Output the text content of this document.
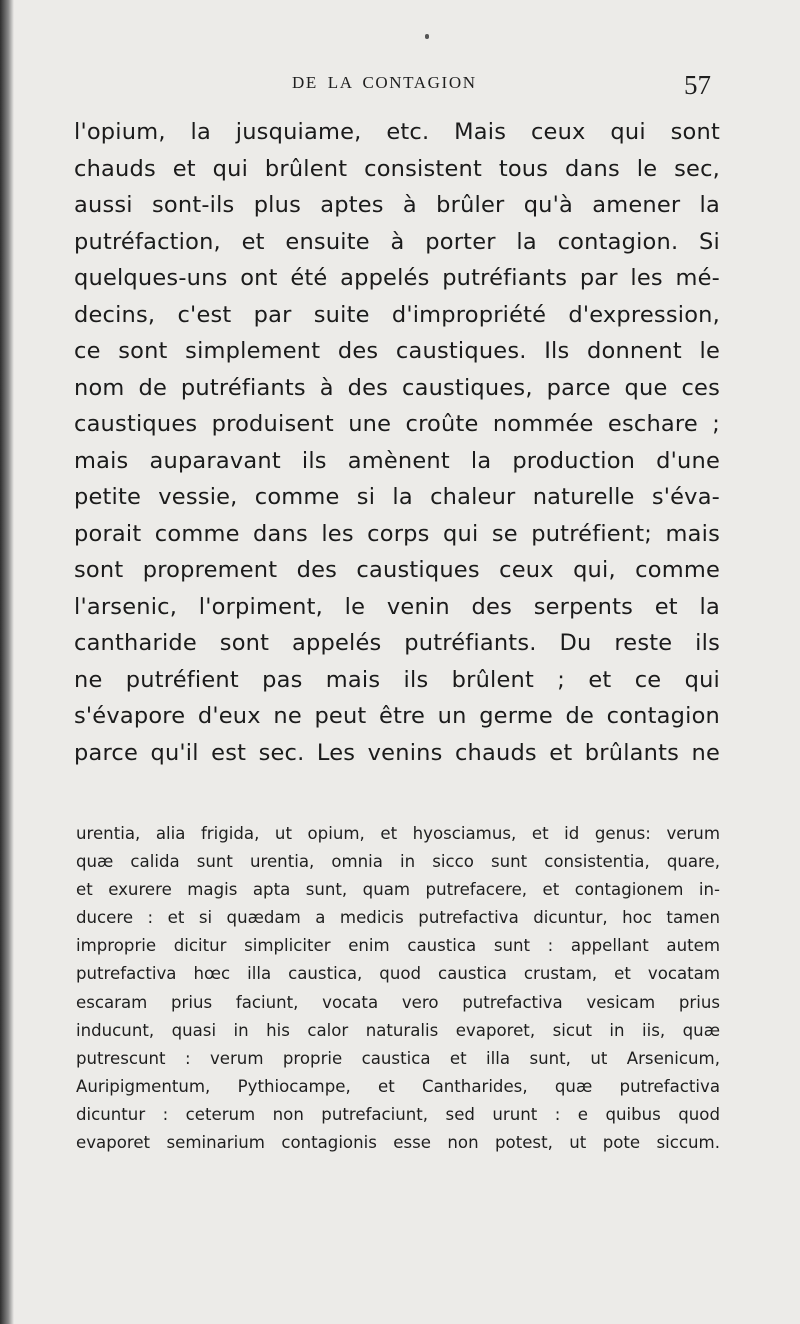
DE LA CONTAGION	57
l'opium, la jusquiame, etc. Mais ceux qui sont
chauds et qui brûlent consistent tous dans le sec,
aussi sont-ils plus aptes à brûler qu'à amener la
putréfaction, et ensuite à porter la contagion. Si
quelques-uns ont été appelés putréfiants par les mé-
decins, c'est par suite d'impropriété d'expression,
ce sont simplement des caustiques. Ils donnent le
nom de putréfiants à des caustiques, parce que ces
caustiques produisent une croûte nommée eschare ;
mais auparavant ils amènent la production d'une
petite vessie, comme si la chaleur naturelle s'éva-
porait comme dans les corps qui se putréfient; mais
sont proprement des caustiques ceux qui, comme
l'arsenic, l'orpiment, le venin des serpents et la
cantharide sont appelés putréfiants. Du reste ils
ne putréfient pas mais ils brûlent ; et ce qui
s'évapore d'eux ne peut être un germe de contagion
parce qu'il est sec. Les venins chauds et brûlants ne
urentia, alia frigida, ut opium, et hyosciamus, et id genus: verum
quæ calida sunt urentia, omnia in sicco sunt consistentia, quare,
et exurere magis apta sunt, quam putrefacere, et contagionem in-
ducere : et si quædam a medicis putrefactiva dicuntur, hoc tamen
improprie dicitur simpliciter enim caustica sunt : appellant autem
putrefactiva hœc illa caustica, quod caustica crustam, et vocatam
escaram prius faciunt, vocata vero putrefactiva vesicam prius
inducunt, quasi in his calor naturalis evaporet, sicut in iis, quæ
putrescunt : verum proprie caustica et illa sunt, ut Arsenicum,
Auripigmentum, Pythiocampe, et Cantharides, quæ putrefactiva
dicuntur : ceterum non putrefaciunt, sed urunt : e quibus quod
evaporet seminarium contagionis esse non potest, ut pote siccum.
